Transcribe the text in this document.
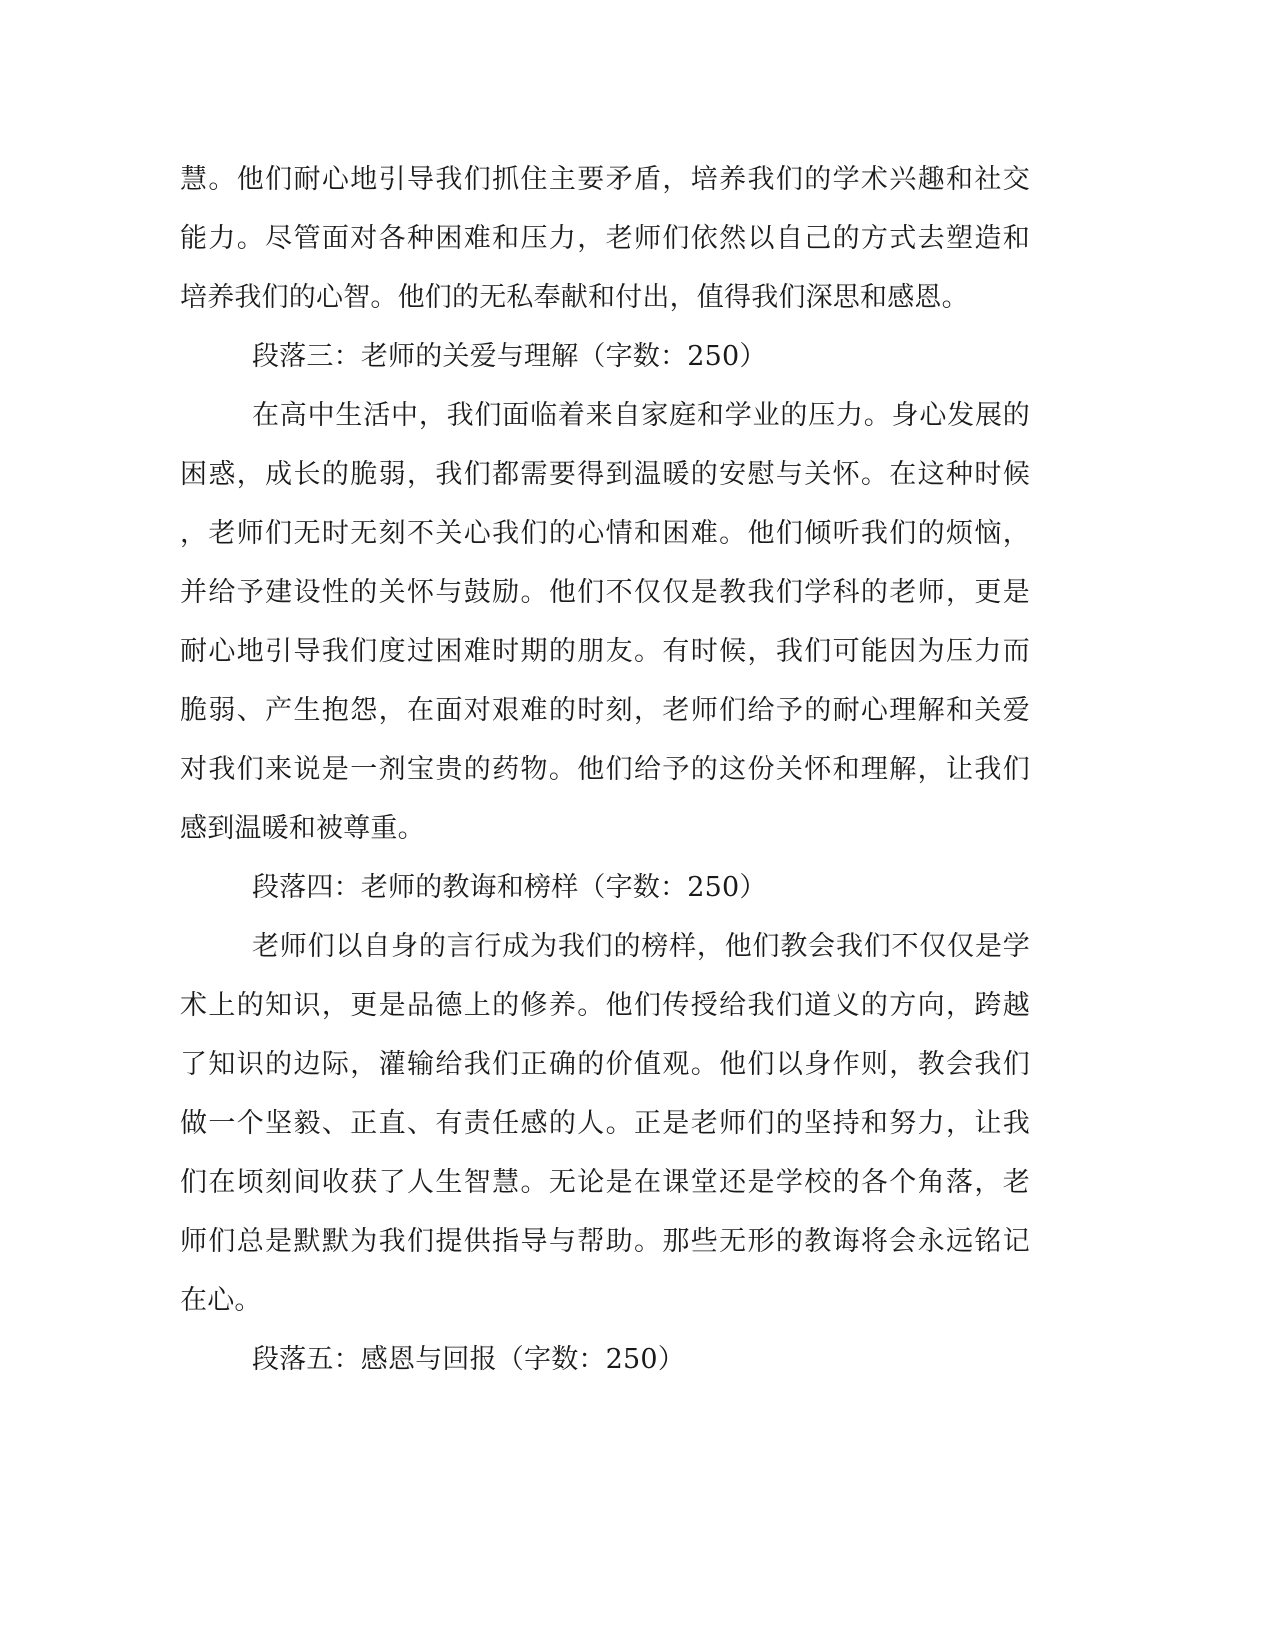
慧。他们耐心地引导我们抓住主要矛盾，培养我们的学术兴趣和社交
能力。尽管面对各种困难和压力，老师们依然以自己的方式去塑造和
培养我们的心智。他们的无私奉献和付出，值得我们深思和感恩。
段落三：老师的关爱与理解（字数：250）
在高中生活中，我们面临着来自家庭和学业的压力。身心发展的
困惑，成长的脆弱，我们都需要得到温暖的安慰与关怀。在这种时候
，老师们无时无刻不关心我们的心情和困难。他们倾听我们的烦恼，
并给予建设性的关怀与鼓励。他们不仅仅是教我们学科的老师，更是
耐心地引导我们度过困难时期的朋友。有时候，我们可能因为压力而
脆弱、产生抱怨，在面对艰难的时刻，老师们给予的耐心理解和关爱
对我们来说是一剂宝贵的药物。他们给予的这份关怀和理解，让我们
感到温暖和被尊重。
段落四：老师的教诲和榜样（字数：250）
老师们以自身的言行成为我们的榜样，他们教会我们不仅仅是学
术上的知识，更是品德上的修养。他们传授给我们道义的方向，跨越
了知识的边际，灌输给我们正确的价值观。他们以身作则，教会我们
做一个坚毅、正直、有责任感的人。正是老师们的坚持和努力，让我
们在顷刻间收获了人生智慧。无论是在课堂还是学校的各个角落，老
师们总是默默为我们提供指导与帮助。那些无形的教诲将会永远铭记
在心。
段落五：感恩与回报（字数：250）
